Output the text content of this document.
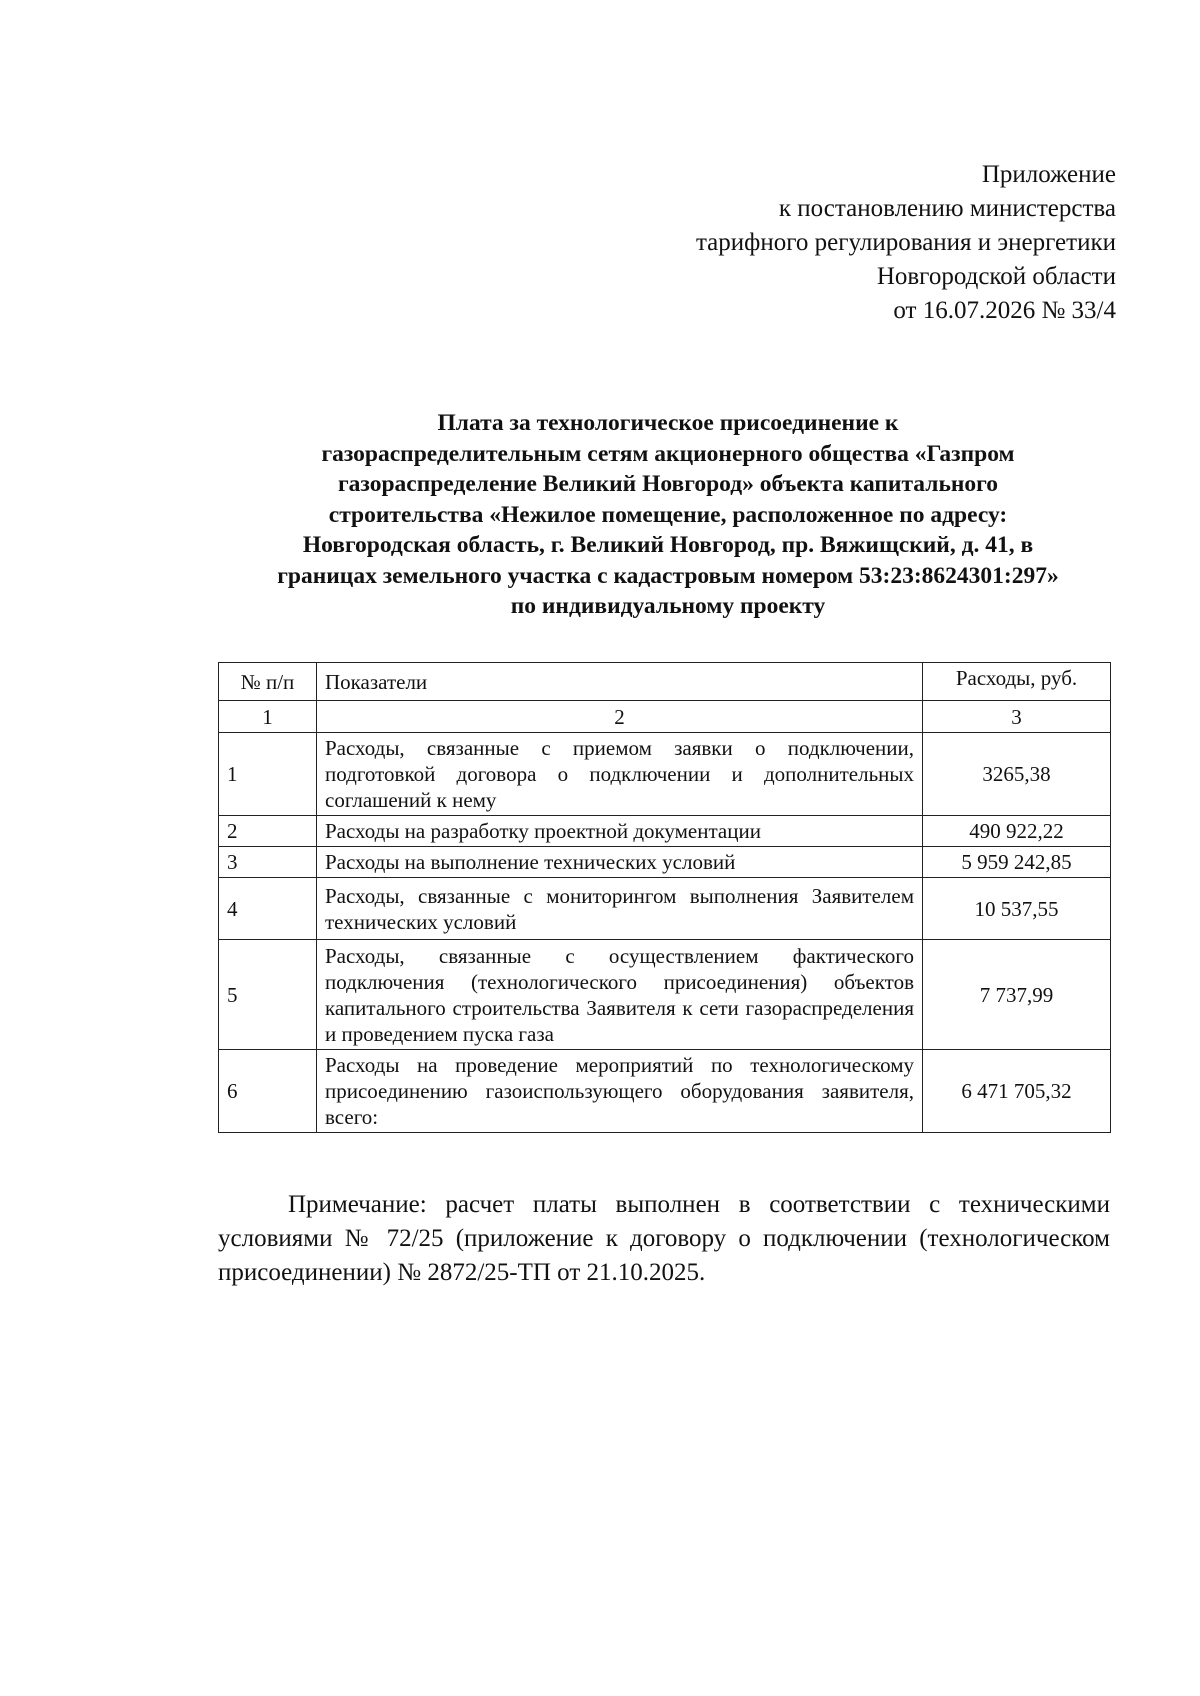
Приложение
к постановлению министерства
тарифного регулирования и энергетики
Новгородской области
от 16.07.2026 № 33/4
Плата за технологическое присоединение к
газораспределительным сетям акционерного общества «Газпром
газораспределение Великий Новгород» объекта капитального
строительства «Нежилое помещение, расположенное по адресу:
Новгородская область, г. Великий Новгород, пр. Вяжищский, д. 41, в
границах земельного участка с кадастровым номером 53:23:8624301:297»
по индивидуальному проекту
№ п/п	Показатели	Расходы, руб.
1	2	3
1	Расходы, связанные с приемом заявки о подключении, подготовкой договора о подключении и дополнительных соглашений к нему	3265,38
2	Расходы на разработку проектной документации	490 922,22
3	Расходы на выполнение технических условий	5 959 242,85
4	Расходы, связанные с мониторингом выполнения Заявителем технических условий	10 537,55
5	Расходы, связанные с осуществлением фактического подключения (технологического присоединения) объектов капитального строительства Заявителя к сети газораспределения и проведением пуска газа	7 737,99
6	Расходы на проведение мероприятий по технологическому присоединению газоиспользующего оборудования заявителя, всего:	6 471 705,32
Примечание: расчет платы выполнен в соответствии с техническими условиями № 72/25 (приложение к договору о подключении (технологическом присоединении) № 2872/25-ТП от 21.10.2025.
